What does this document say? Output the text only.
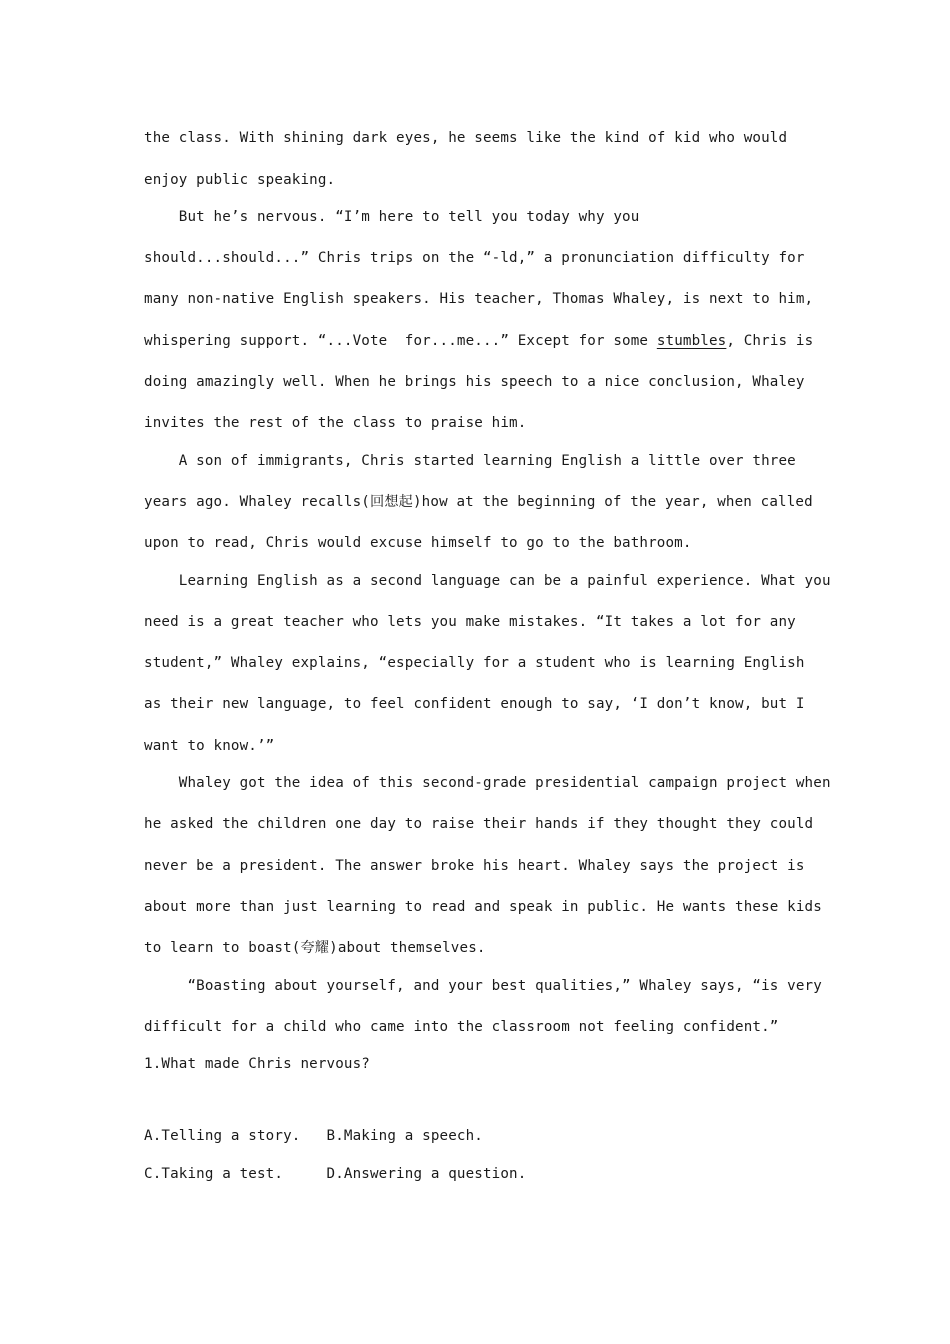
the class. With shining dark eyes, he seems like the kind of kid who would
enjoy public speaking.
But he’s nervous. “I’m here to tell you today why you
should...should...” Chris trips on the “-ld,” a pronunciation difficulty for
many non-native English speakers. His teacher, Thomas Whaley, is next to him,
whispering support. “...Vote  for...me...” Except for some stumbles, Chris is
doing amazingly well. When he brings his speech to a nice conclusion, Whaley
invites the rest of the class to praise him.
A son of immigrants, Chris started learning English a little over three
years ago. Whaley recalls(回想起)how at the beginning of the year, when called
upon to read, Chris would excuse himself to go to the bathroom.
Learning English as a second language can be a painful experience. What you
need is a great teacher who lets you make mistakes. “It takes a lot for any
student,” Whaley explains, “especially for a student who is learning English
as their new language, to feel confident enough to say, ‘I don’t know, but I
want to know.’”
Whaley got the idea of this second-grade presidential campaign project when
he asked the children one day to raise their hands if they thought they could
never be a president. The answer broke his heart. Whaley says the project is
about more than just learning to read and speak in public. He wants these kids
to learn to boast(夸耀)about themselves.
“Boasting about yourself, and your best qualities,” Whaley says, “is very
difficult for a child who came into the classroom not feeling confident.”
1.What made Chris nervous?
A.Telling a story.   B.Making a speech.
C.Taking a test.     D.Answering a question.
